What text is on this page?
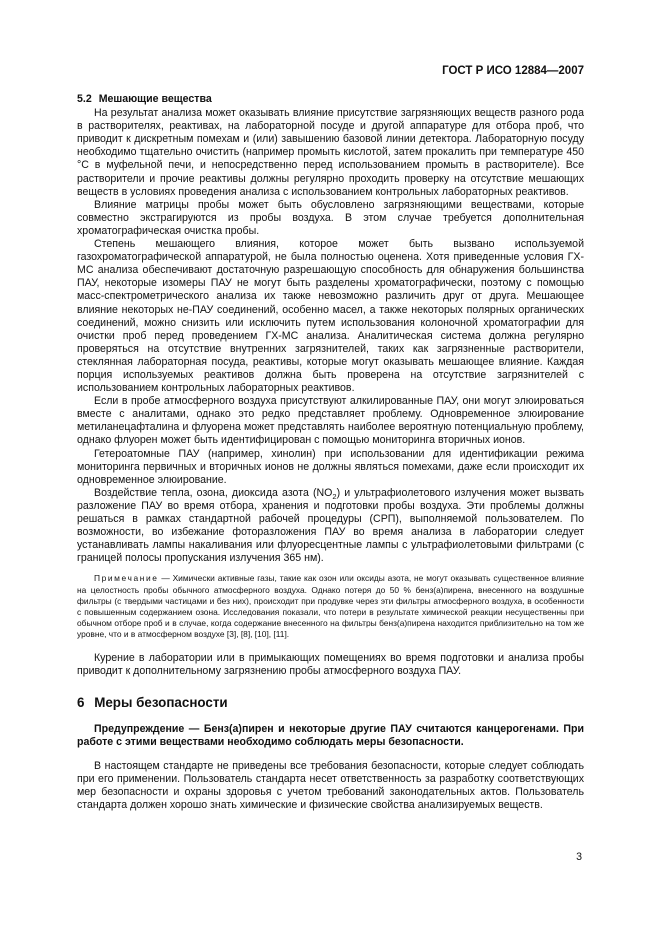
ГОСТ Р ИСО 12884—2007
5.2 Мешающие вещества

На результат анализа может оказывать влияние присутствие загрязняющих веществ разного рода в растворителях, реактивах, на лабораторной посуде и другой аппаратуре для отбора проб, что приводит к дискретным помехам и (или) завышению базовой линии детектора. Лабораторную посуду необходимо тщательно очистить (например промыть кислотой, затем прокалить при температуре 450 °С в муфельной печи, и непосредственно перед использованием промыть в растворителе). Все растворители и прочие реактивы должны регулярно проходить проверку на отсутствие мешающих веществ в условиях проведения анализа с использованием контрольных лабораторных реактивов.

Влияние матрицы пробы может быть обусловлено загрязняющими веществами, которые совместно экстрагируются из пробы воздуха. В этом случае требуется дополнительная хроматографическая очистка пробы.

Степень мешающего влияния, которое может быть вызвано используемой газохроматографической аппаратурой, не была полностью оценена. Хотя приведенные условия ГХ-МС анализа обеспечивают достаточную разрешающую способность для обнаружения большинства ПАУ, некоторые изомеры ПАУ не могут быть разделены хроматографически, поэтому с помощью масс-спектрометрического анализа их также невозможно различить друг от друга. Мешающее влияние некоторых не-ПАУ соединений, особенно масел, а также некоторых полярных органических соединений, можно снизить или исключить путем использования колоночной хроматографии для очистки проб перед проведением ГХ-МС анализа. Аналитическая система должна регулярно проверяться на отсутствие внутренних загрязнителей, таких как загрязненные растворители, стеклянная лабораторная посуда, реактивы, которые могут оказывать мешающее влияние. Каждая порция используемых реактивов должна быть проверена на отсутствие загрязнителей с использованием контрольных лабораторных реактивов.

Если в пробе атмосферного воздуха присутствуют алкилированные ПАУ, они могут элюироваться вместе с аналитами, однако это редко представляет проблему. Одновременное элюирование метиланецафталина и флуорена может представлять наиболее вероятную потенциальную проблему, однако флуорен может быть идентифицирован с помощью мониторинга вторичных ионов.

Гетероатомные ПАУ (например, хинолин) при использовании для идентификации режима мониторинга первичных и вторичных ионов не должны являться помехами, даже если происходит их одновременное элюирование.

Воздействие тепла, озона, диоксида азота $(NO_2)$ и ультрафиолетового излучения может вызвать разложение ПАУ во время отбора, хранения и подготовки пробы воздуха. Эти проблемы должны решаться в рамках стандартной рабочей процедуры (СРП), выполняемой пользователем. По возможности, во избежание фоторазложения ПАУ во время анализа в лаборатории следует устанавливать лампы накаливания или флуоресцентные лампы с ультрафиолетовыми фильтрами (с границей полосы пропускания излучения 365 нм).

Примечание — Химически активные газы, такие как озон или оксиды азота, не могут оказывать существенное влияние на целостность пробы обычного атмосферного воздуха. Однако потеря до 50 % бенз(а)пирена, внесенного на воздушные фильтры (с твердыми частицами и без них), происходит при продувке через эти фильтры атмосферного воздуха, в особенности с повышенным содержанием озона. Исследования показали, что потери в результате химической реакции несущественны при обычном отборе проб и в случае, когда содержание внесенного на фильтры бенз(а)пирена находится приблизительно на том же уровне, что и в атмосферном воздухе [3], [8], [10], [11].

Курение в лаборатории или в примыкающих помещениях во время подготовки и анализа пробы приводит к дополнительному загрязнению пробы атмосферного воздуха ПАУ.

6 Меры безопасности
Предупреждение — Бенз(а)пирен и некоторые другие ПАУ считаются канцерогенами. При работе с этими веществами необходимо соблюдать меры безопасности.

В настоящем стандарте не приведены все требования безопасности, которые следует соблюдать при его применении. Пользователь стандарта несет ответственность за разработку соответствующих мер безопасности и охраны здоровья с учетом требований законодательных актов. Пользователь стандарта должен хорошо знать химические и физические свойства анализируемых веществ.

3
